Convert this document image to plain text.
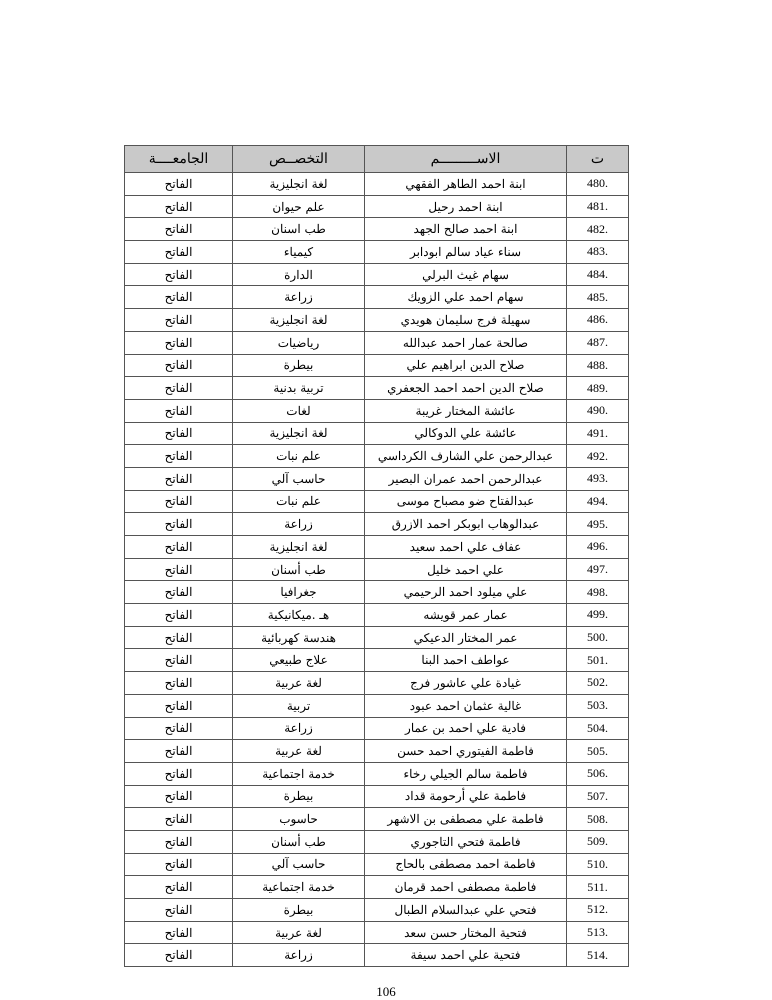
ت	الاســـــــــم	التخصــص	الجامعــــة
480.	ابنة احمد الطاهر الفقهي	لغة انجليزية	الفاتح
481.	ابنة احمد رحيل	علم حيوان	الفاتح
482.	ابنة احمد صالح الجهد	طب اسنان	الفاتح
483.	سناء عياد سالم ابودابر	كيمياء	الفاتح
484.	سهام غيث البرلي	الدارة	الفاتح
485.	سهام احمد علي الزويك	زراعة	الفاتح
486.	سهيلة فرج سليمان هويدي	لغة انجليزية	الفاتح
487.	صالحة عمار احمد عبدالله	رياضيات	الفاتح
488.	صلاح الدين ابراهيم علي	بيطرة	الفاتح
489.	صلاح الدين احمد احمد الجعفري	تربية بدنية	الفاتح
490.	عائشة المختار غريبة	لغات	الفاتح
491.	عائشة علي الدوكالي	لغة انجليزية	الفاتح
492.	عبدالرحمن علي الشارف الكرداسي	علم نبات	الفاتح
493.	عبدالرحمن احمد عمران البصير	حاسب آلي	الفاتح
494.	عبدالفتاح ضو مصباح موسى	علم نبات	الفاتح
495.	عبدالوهاب ابوبكر احمد الازرق	زراعة	الفاتح
496.	عفاف علي احمد سعيد	لغة انجليزية	الفاتح
497.	علي احمد خليل	طب أسنان	الفاتح
498.	علي ميلود احمد الرحيمي	جغرافيا	الفاتح
499.	عمار عمر قويشه	هـ .ميكانيكية	الفاتح
500.	عمر المختار الدعيكي	هندسة كهربائية	الفاتح
501.	عواطف احمد البنا	علاج طبيعي	الفاتح
502.	غيادة علي عاشور فرج	لغة عربية	الفاتح
503.	غالية عثمان احمد عبود	تربية	الفاتح
504.	فادية علي احمد بن عمار	زراعة	الفاتح
505.	فاطمة الفيتوري احمد حسن	لغة عربية	الفاتح
506.	فاطمة سالم الجيلي رخاء	خدمة اجتماعية	الفاتح
507.	فاطمة علي أرحومة قداد	بيطرة	الفاتح
508.	فاطمة علي مصطفى بن الاشهر	حاسوب	الفاتح
509.	فاطمة فتحي التاجوري	طب أسنان	الفاتح
510.	فاطمة احمد مصطفى بالحاج	حاسب آلي	الفاتح
511.	فاطمة مصطفى احمد قرمان	خدمة اجتماعية	الفاتح
512.	فتحي علي عبدالسلام الطبال	بيطرة	الفاتح
513.	فتحية المختار حسن سعد	لغة عربية	الفاتح
514.	فتحية علي احمد سيفة	زراعة	الفاتح
106
